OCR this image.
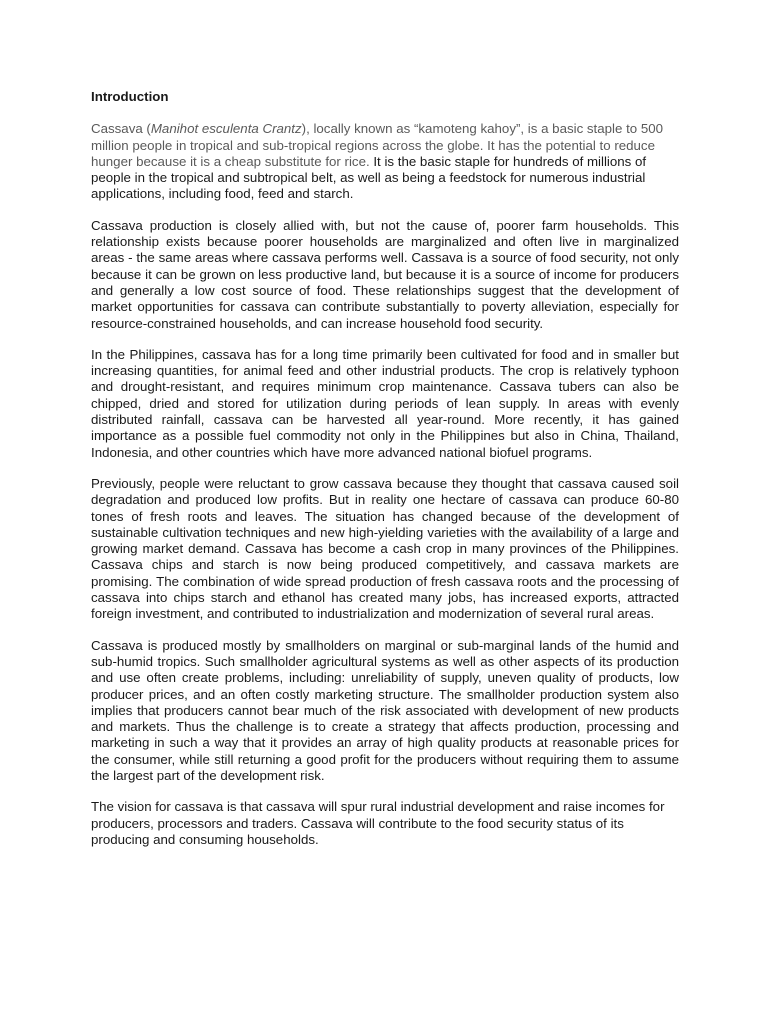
Introduction

Cassava (Manihot esculenta Crantz), locally known as “kamoteng kahoy”, is a basic staple to 500 million people in tropical and sub-tropical regions across the globe. It has the potential to reduce hunger because it is a cheap substitute for rice. It is the basic staple for hundreds of millions of people in the tropical and subtropical belt, as well as being a feedstock for numerous industrial applications, including food, feed and starch.

Cassava production is closely allied with, but not the cause of, poorer farm households. This relationship exists because poorer households are marginalized and often live in marginalized areas - the same areas where cassava performs well. Cassava is a source of food security, not only because it can be grown on less productive land, but because it is a source of income for producers and generally a low cost source of food. These relationships suggest that the development of market opportunities for cassava can contribute substantially to poverty alleviation, especially for resource-constrained households, and can increase household food security.

In the Philippines, cassava has for a long time primarily been cultivated for food and in smaller but increasing quantities, for animal feed and other industrial products. The crop is relatively typhoon and drought-resistant, and requires minimum crop maintenance. Cassava tubers can also be chipped, dried and stored for utilization during periods of lean supply. In areas with evenly distributed rainfall, cassava can be harvested all year-round. More recently, it has gained importance as a possible fuel commodity not only in the Philippines but also in China, Thailand, Indonesia, and other countries which have more advanced national biofuel programs.

Previously, people were reluctant to grow cassava because they thought that cassava caused soil degradation and produced low profits. But in reality one hectare of cassava can produce 60-80 tones of fresh roots and leaves. The situation has changed because of the development of sustainable cultivation techniques and new high-yielding varieties with the availability of a large and growing market demand. Cassava has become a cash crop in many provinces of the Philippines. Cassava chips and starch is now being produced competitively, and cassava markets are promising. The combination of wide spread production of fresh cassava roots and the processing of cassava into chips starch and ethanol has created many jobs, has increased exports, attracted foreign investment, and contributed to industrialization and modernization of several rural areas.

Cassava is produced mostly by smallholders on marginal or sub-marginal lands of the humid and sub-humid tropics. Such smallholder agricultural systems as well as other aspects of its production and use often create problems, including: unreliability of supply, uneven quality of products, low producer prices, and an often costly marketing structure. The smallholder production system also implies that producers cannot bear much of the risk associated with development of new products and markets. Thus the challenge is to create a strategy that affects production, processing and marketing in such a way that it provides an array of high quality products at reasonable prices for the consumer, while still returning a good profit for the producers without requiring them to assume the largest part of the development risk.

The vision for cassava is that cassava will spur rural industrial development and raise incomes for producers, processors and traders. Cassava will contribute to the food security status of its producing and consuming households.
